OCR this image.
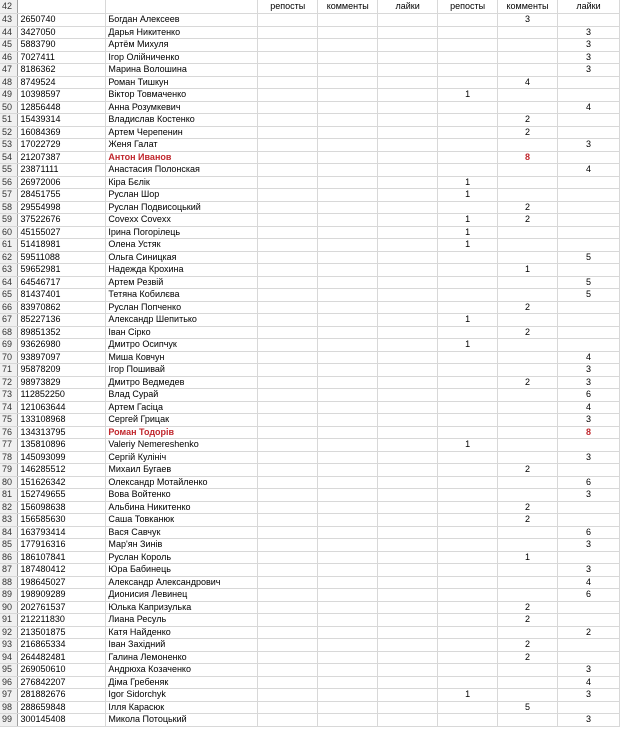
42			репосты	комменты	лайки	репосты	комменты	лайки
43	2650740	Богдан Алексеев					3	
44	3427050	Дарья Никитенко						3
45	5883790	Артём Михуля						3
46	7027411	Ігор Олійниченко						3
47	8186362	Марина Волошина						3
48	8749524	Роман Тишкун					4	
49	10398597	Віктор Товмаченко				1		
50	12856448	Анна Розумкевич						4
51	15439314	Владислав Костенко					2	
52	16084369	Артем Черепенин					2	
53	17022729	Женя Галат						3
54	21207387	Антон Иванов					8	
55	23871111	Анастасия Полонская						4
56	26972006	Кіра Бєлік				1		
57	28451755	Руслан Шор				1		
58	29554998	Руслан Подвисоцький					2	
59	37522676	Covexx Covexx				1	2	
60	45155027	Ірина Погорілець				1		
61	51418981	Олена Устяк				1		
62	59511088	Ольга Синицкая						5
63	59652981	Надежда Крохина					1	
64	64546717	Артем Резвій						5
65	81437401	Тетяна Кобилєва						5
66	83970862	Руслан Попченко					2	
67	85227136	Александр Шепитько				1		
68	89851352	Іван Сірко					2	
69	93626980	Дмитро Осипчук				1		
70	93897097	Миша Ковчун						4
71	95878209	Ігор Пошивай						3
72	98973829	Дмитро Ведмедев					2	3
73	112852250	Влад Сурай						6
74	121063644	Артем Гасіца						4
75	133108968	Сергей Грицак						3
76	134313795	Роман Тодорів						8
77	135810896	Valeriy Nemereshenko				1		
78	145093099	Сергій Кулініч						3
79	146285512	Михаил Бугаев					2	
80	151626342	Олександр Мотайленко						6
81	152749655	Вова Войтенко						3
82	156098638	Альбина Никитенко					2	
83	156585630	Саша Товканюк					2	
84	163793414	Вася Савчук						6
85	177916316	Мар'ян Зинів						3
86	186107841	Руслан Король					1	
87	187480412	Юра Бабинець						3
88	198645027	Александр Александрович						4
89	198909289	Дионисия Левинец						6
90	202761537	Юлька Капризулька					2	
91	212211830	Лиана Ресуль					2	
92	213501875	Катя Найденко						2
93	216865334	Іван Західний					2	
94	264482481	Галина Лемоненко					2	
95	269050610	Андрюха Козаченко						3
96	276842207	Діма Гребеняк						4
97	281882676	Igor Sidorchyk				1		3
98	288659848	Ілля Карасюк					5	
99	300145408	Микола Потоцький						3
